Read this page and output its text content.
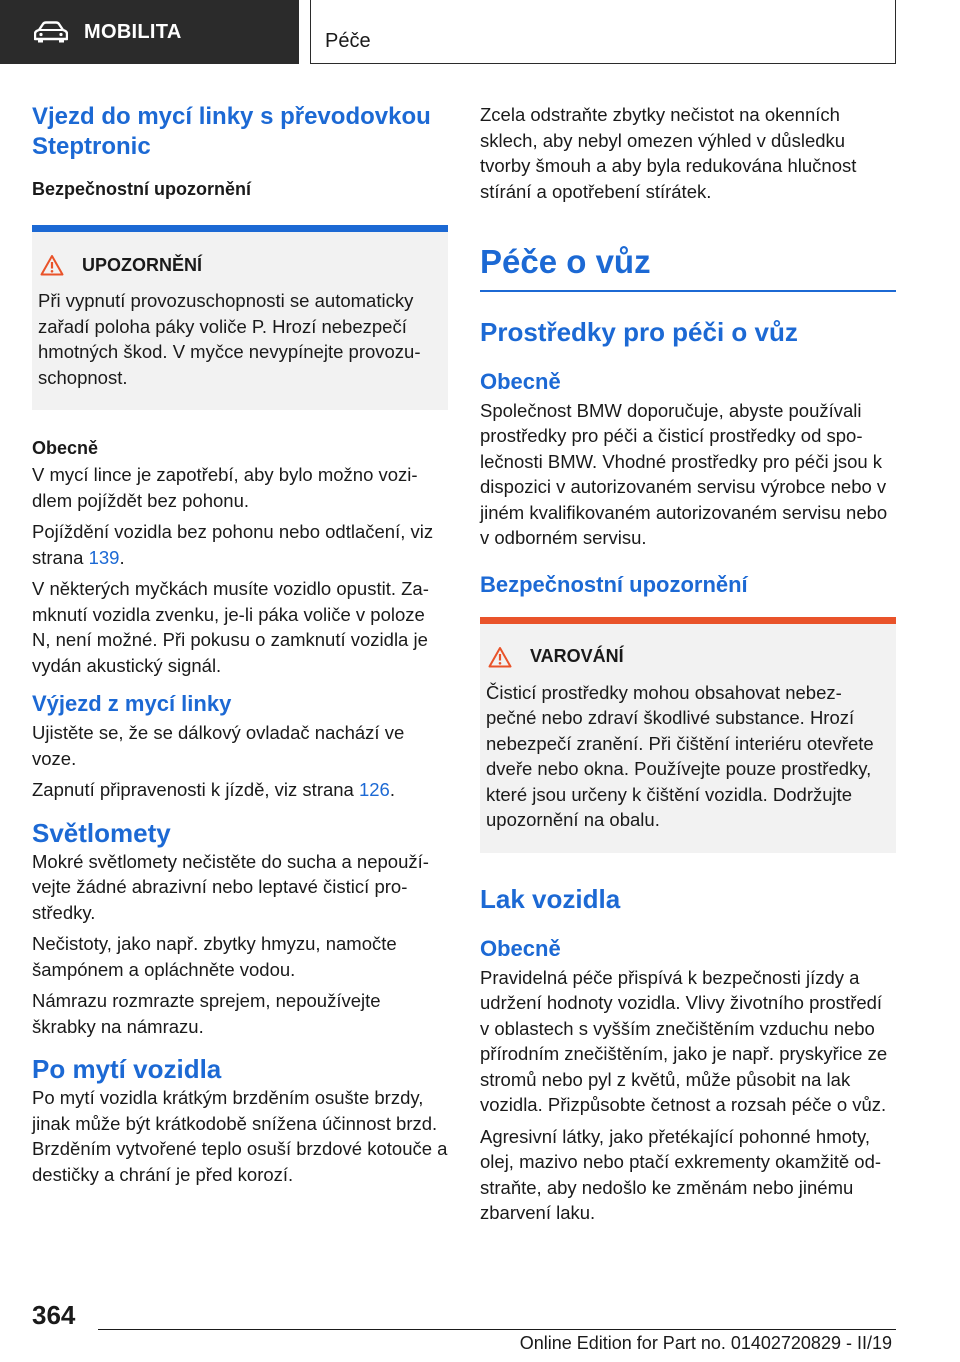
MOBILITA	Péče
Vjezd do mycí linky s převodovkou Steptronic
Bezpečnostní upozornění
UPOZORNĚNÍ

Při vypnutí provozuschopnosti se automaticky zařadí poloha páky voliče P. Hrozí nebezpečí hmotných škod. V myčce nevypínejte provozuschopnost.

Obecně

V mycí lince je zapotřebí, aby bylo možno vozidlem pojíždět bez pohonu.

Pojíždění vozidla bez pohonu nebo odtlačení, viz strana 139.

V některých myčkách musíte vozidlo opustit. Zamknutí vozidla zvenku, je-li páka voliče v poloze N, není možné. Při pokusu o zamknutí vozidla je vydán akustický signál.

Výjezd z mycí linky

Ujistěte se, že se dálkový ovladač nachází ve voze.

Zapnutí připravenosti k jízdě, viz strana 126.

Světlomety

Mokré světlomety nečistěte do sucha a nepoužívejte žádné abrazivní nebo leptavé čisticí prostředky.

Nečistoty, jako např. zbytky hmyzu, namočte šampónem a opláchněte vodou.

Námrazu rozmrazte sprejem, nepoužívejte škrabky na námrazu.

Po mytí vozidla

Po mytí vozidla krátkým brzděním osušte brzdy, jinak může být krátkodobě snížena účinnost brzd. Brzděním vytvořené teplo osuší brzdové kotouče a destičky a chrání je před korozí.

Zcela odstraňte zbytky nečistot na okenních sklech, aby nebyl omezen výhled v důsledku tvorby šmouh a aby byla redukována hlučnost stírání a opotřebení stírátek.

Péče o vůz
Prostředky pro péči o vůz
Obecně

Společnost BMW doporučuje, abyste používali prostředky pro péči a čisticí prostředky od společnosti BMW. Vhodné prostředky pro péči jsou k dispozici v autorizovaném servisu výrobce nebo v jiném kvalifikovaném autorizovaném servisu nebo v odborném servisu.

Bezpečnostní upozornění
VAROVÁNÍ

Čisticí prostředky mohou obsahovat nebezpečné nebo zdraví škodlivé substance. Hrozí nebezpečí zranění. Při čištění interiéru otevřete dveře nebo okna. Používejte pouze prostředky, které jsou určeny k čištění vozidla. Dodržujte upozornění na obalu.

Lak vozidla
Obecně

Pravidelná péče přispívá k bezpečnosti jízdy a udržení hodnoty vozidla. Vlivy životního prostředí v oblastech s vyšším znečištěním vzduchu nebo přírodním znečištěním, jako je např. pryskyřice ze stromů nebo pyl z květů, může působit na lak vozidla. Přizpůsobte četnost a rozsah péče o vůz.

Agresivní látky, jako přetékající pohonné hmoty, olej, mazivo nebo ptačí exkrementy okamžitě odstraňte, aby nedošlo ke změnám nebo jinému zbarvení laku.

364
Online Edition for Part no. 01402720829 - II/19
